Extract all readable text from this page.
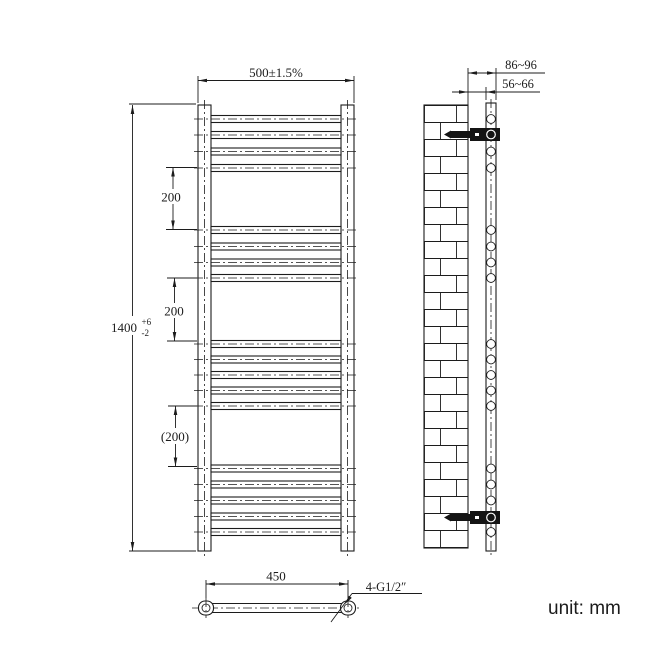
500±1.5%
1400 +6
-2
200
200
(200)
86~96
56~66
450
4-G1/2″
unit: mm
